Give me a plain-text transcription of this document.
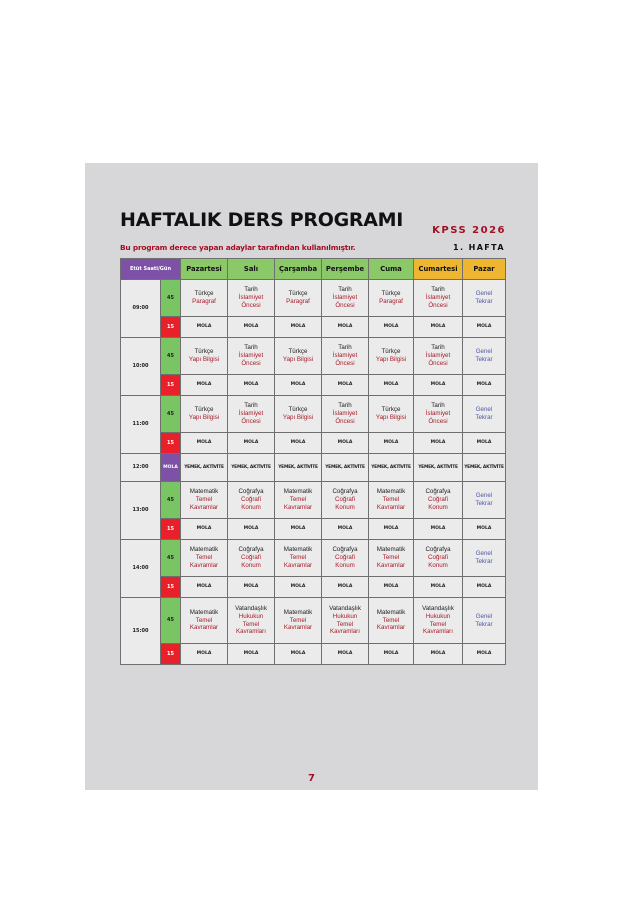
HAFTALIK DERS PROGRAMI	KPSS 2026
Bu program derece yapan adaylar tarafından kullanılmıştır.	1. HAFTA
Etüt Saati/Gün		Pazartesi	Salı	Çarşamba	Perşembe	Cuma	Cumartesi	Pazar
09:00	45	Türkçe
Paragraf	Tarih
İslamiyet
Öncesi	Türkçe
Paragraf	Tarih
İslamiyet
Öncesi	Türkçe
Paragraf	Tarih
İslamiyet
Öncesi	Genel
Tekrar

	15	MOLA	MOLA	MOLA	MOLA	MOLA	MOLA	MOLA
10:00	45	Türkçe
Yapı Bilgisi	Tarih
İslamiyet
Öncesi	Türkçe
Yapı Bilgisi	Tarih
İslamiyet
Öncesi	Türkçe
Yapı Bilgisi	Tarih
İslamiyet
Öncesi	Genel
Tekrar

	15	MOLA	MOLA	MOLA	MOLA	MOLA	MOLA	MOLA
11:00	45	Türkçe
Yapı Bilgisi	Tarih
İslamiyet
Öncesi	Türkçe
Yapı Bilgisi	Tarih
İslamiyet
Öncesi	Türkçe
Yapı Bilgisi	Tarih
İslamiyet
Öncesi	Genel
Tekrar

	15	MOLA	MOLA	MOLA	MOLA	MOLA	MOLA	MOLA
12:00	MOLA	YEMEK, AKTİVİTE	YEMEK, AKTİVİTE	YEMEK, AKTİVİTE	YEMEK, AKTİVİTE	YEMEK, AKTİVİTE	YEMEK, AKTİVİTE	YEMEK, AKTİVİTE
13:00	45	Matematik
Temel
Kavramlar	Coğrafya
Coğrafi
Konum	Matematik
Temel
Kavramlar	Coğrafya
Coğrafi
Konum	Matematik
Temel
Kavramlar	Coğrafya
Coğrafi
Konum	Genel
Tekrar

	15	MOLA	MOLA	MOLA	MOLA	MOLA	MOLA	MOLA
14:00	45	Matematik
Temel
Kavramlar	Coğrafya
Coğrafi
Konum	Matematik
Temel
Kavramlar	Coğrafya
Coğrafi
Konum	Matematik
Temel
Kavramlar	Coğrafya
Coğrafi
Konum	Genel
Tekrar

	15	MOLA	MOLA	MOLA	MOLA	MOLA	MOLA	MOLA
15:00	45	Matematik
Temel
Kavramlar	Vatandaşlık
Hukukun
Temel
Kavramları	Matematik
Temel
Kavramlar	Vatandaşlık
Hukukun
Temel
Kavramları	Matematik
Temel
Kavramlar	Vatandaşlık
Hukukun
Temel
Kavramları	Genel
Tekrar

	15	MOLA	MOLA	MOLA	MOLA	MOLA	MOLA	MOLA
7
